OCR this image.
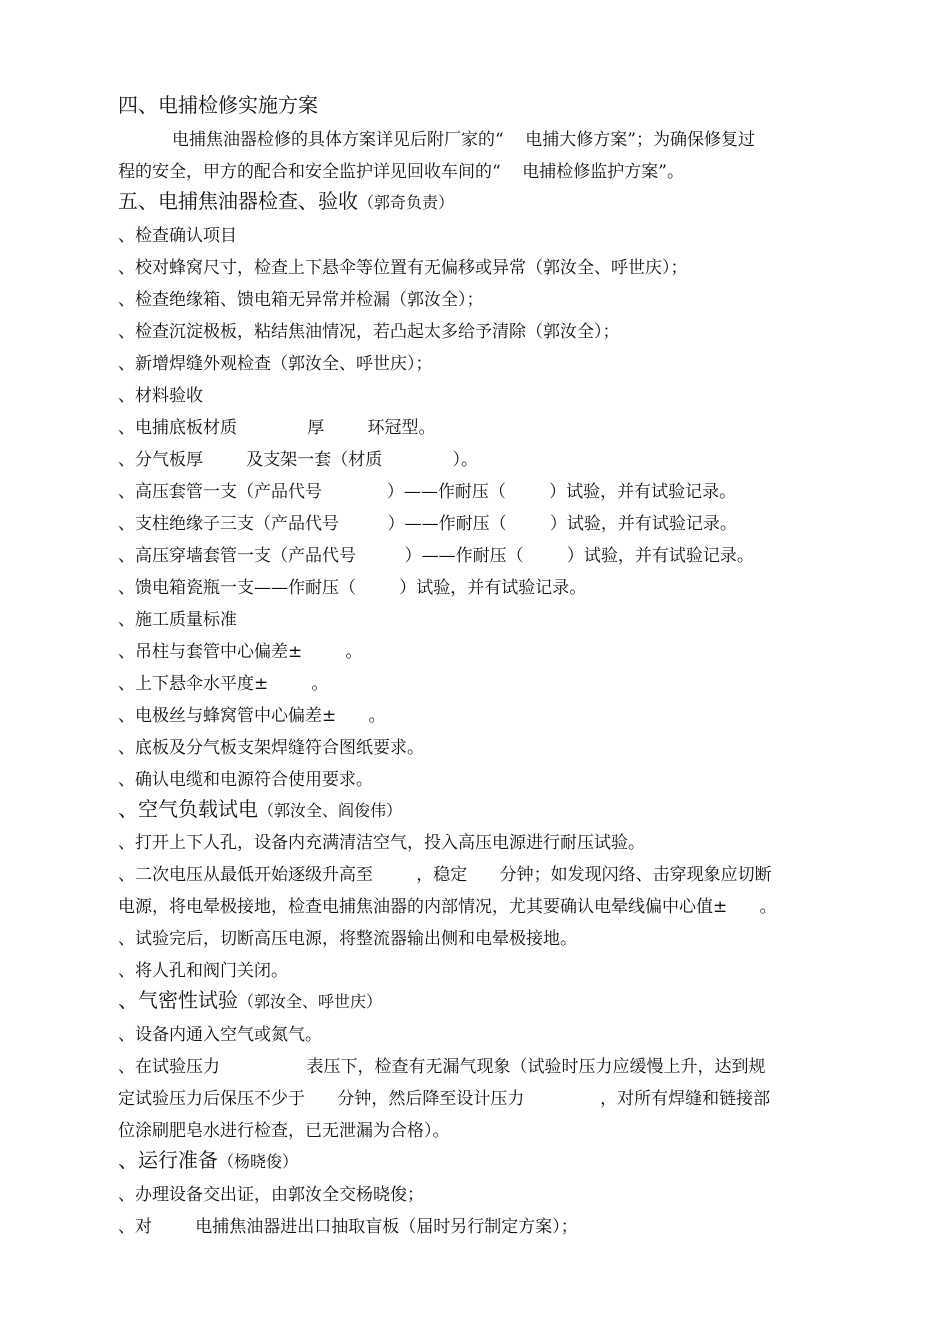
四、电捕检修实施方案
电捕焦油器检修的具体方案详见后附厂家的“    电捕大修方案”；为确保修复过
程的安全，甲方的配合和安全监护详见回收车间的“    电捕检修监护方案”。
五、电捕焦油器检查、验收（郭奇负责）
、检查确认项目
、校对蜂窝尺寸，检查上下悬伞等位置有无偏移或异常（郭汝全、呼世庆）；
、检查绝缘箱、馈电箱无异常并检漏（郭汝全）；
、检查沉淀极板，粘结焦油情况，若凸起太多给予清除（郭汝全）；
、新增焊缝外观检查（郭汝全、呼世庆）；
、材料验收
、电捕底板材质             厚        环冠型。
、分气板厚        及支架一套（材质             ）。
、高压套管一支（产品代号            ）——作耐压（        ）试验，并有试验记录。
、支柱绝缘子三支（产品代号         ）——作耐压（        ）试验，并有试验记录。
、高压穿墙套管一支（产品代号         ）——作耐压（        ）试验，并有试验记录。
、馈电箱瓷瓶一支——作耐压（        ）试验，并有试验记录。
、施工质量标准
、吊柱与套管中心偏差±        。
、上下悬伞水平度±        。
、电极丝与蜂窝管中心偏差±      。
、底板及分气板支架焊缝符合图纸要求。
、确认电缆和电源符合使用要求。
、空气负载试电（郭汝全、阎俊伟）
、打开上下人孔，设备内充满清洁空气，投入高压电源进行耐压试验。
、二次电压从最低开始逐级升高至        ，稳定      分钟；如发现闪络、击穿现象应切断
电源，将电晕极接地，检查电捕焦油器的内部情况，尤其要确认电晕线偏中心值±      。
、试验完后，切断高压电源，将整流器输出侧和电晕极接地。
、将人孔和阀门关闭。
、气密性试验（郭汝全、呼世庆）
、设备内通入空气或氮气。
、在试验压力                表压下，检查有无漏气现象（试验时压力应缓慢上升，达到规
定试验压力后保压不少于      分钟，然后降至设计压力              ，对所有焊缝和链接部
位涂刷肥皂水进行检查，已无泄漏为合格）。
、运行准备（杨晓俊）
、办理设备交出证，由郭汝全交杨晓俊；
、对        电捕焦油器进出口抽取盲板（届时另行制定方案）；
